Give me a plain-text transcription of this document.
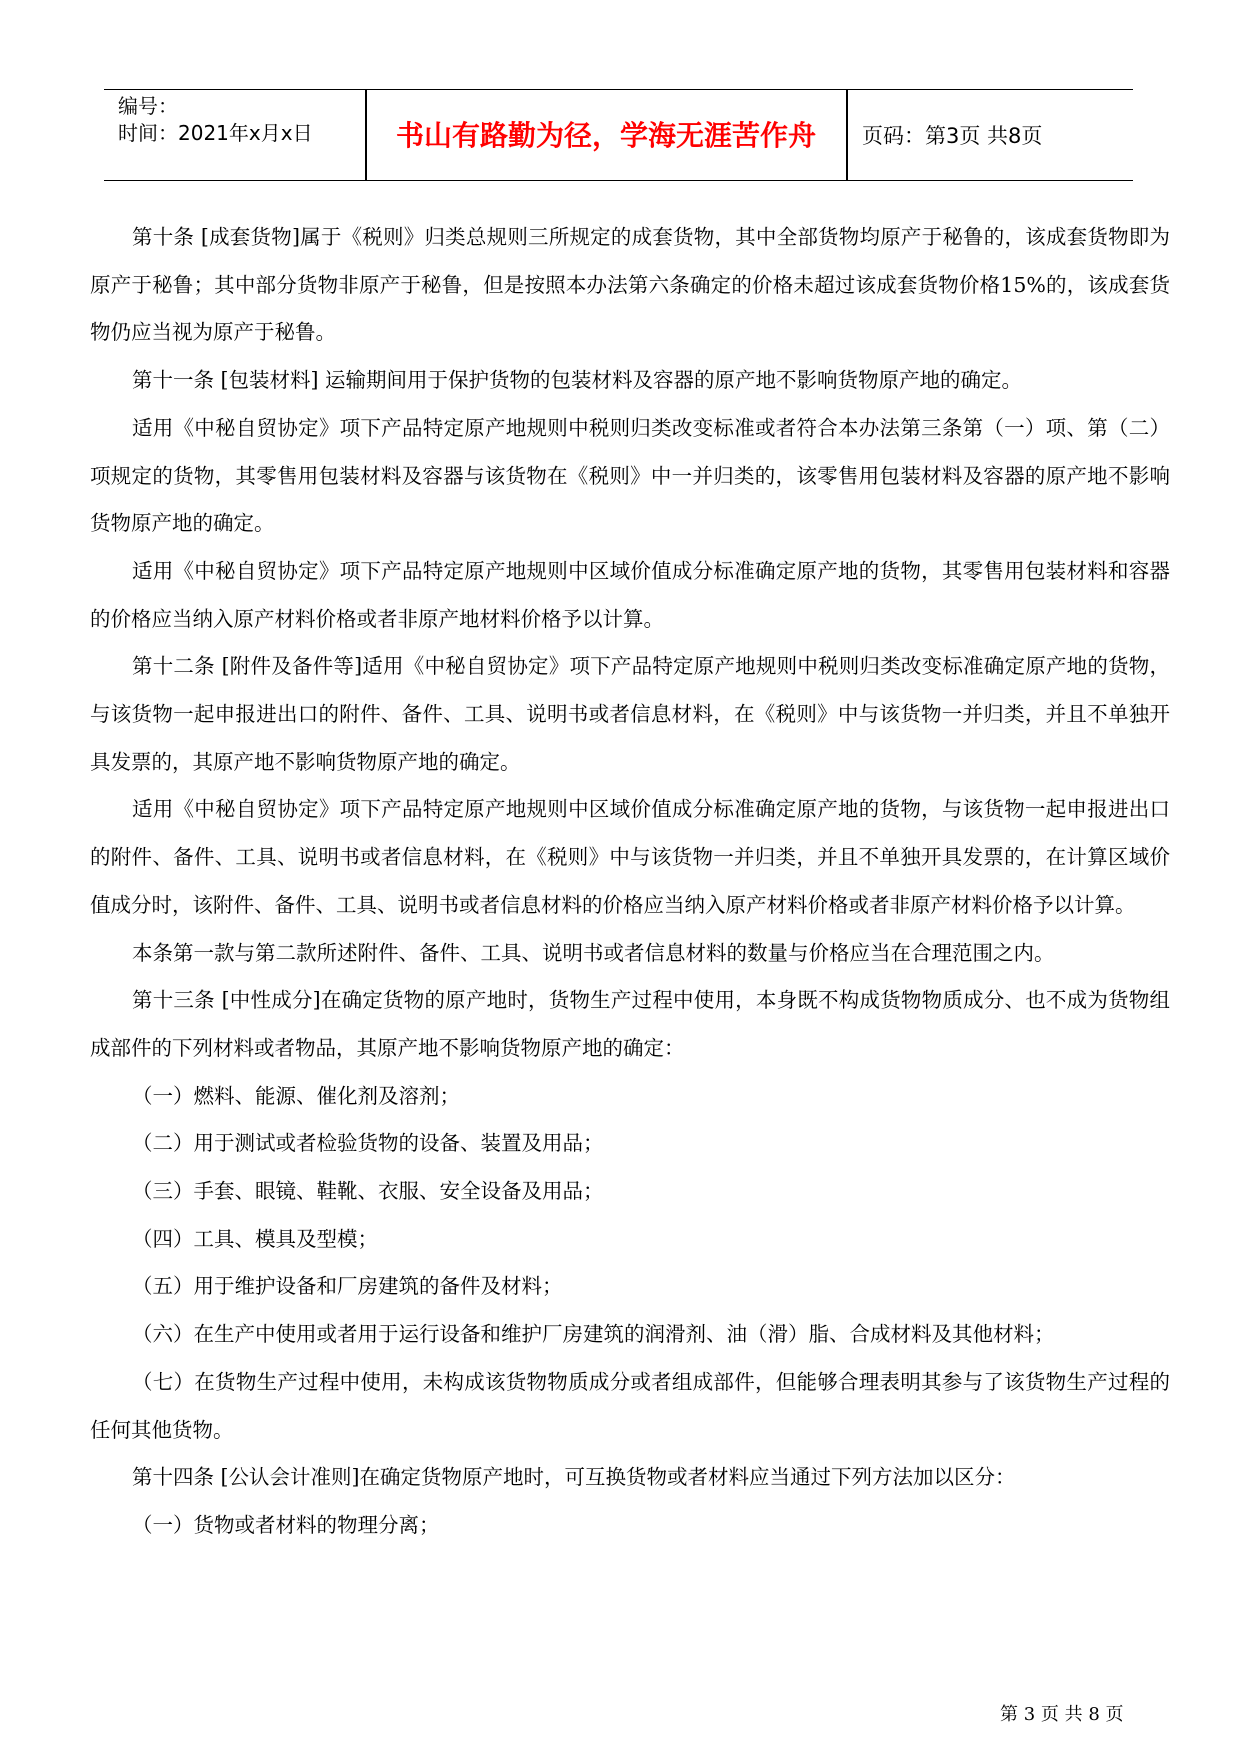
编号：
时间：2021年x月x日	书山有路勤为径，学海无涯苦作舟	页码：第3页 共8页

第十条 [成套货物]属于《税则》归类总规则三所规定的成套货物，其中全部货物均原产于秘鲁的，该成套货物即为原产于秘鲁；其中部分货物非原产于秘鲁，但是按照本办法第六条确定的价格未超过该成套货物价格15%的，该成套货物仍应当视为原产于秘鲁。

第十一条 [包装材料] 运输期间用于保护货物的包装材料及容器的原产地不影响货物原产地的确定。

适用《中秘自贸协定》项下产品特定原产地规则中税则归类改变标准或者符合本办法第三条第（一）项、第（二）项规定的货物，其零售用包装材料及容器与该货物在《税则》中一并归类的，该零售用包装材料及容器的原产地不影响货物原产地的确定。

适用《中秘自贸协定》项下产品特定原产地规则中区域价值成分标准确定原产地的货物，其零售用包装材料和容器的价格应当纳入原产材料价格或者非原产地材料价格予以计算。

第十二条 [附件及备件等]适用《中秘自贸协定》项下产品特定原产地规则中税则归类改变标准确定原产地的货物，与该货物一起申报进出口的附件、备件、工具、说明书或者信息材料，在《税则》中与该货物一并归类，并且不单独开具发票的，其原产地不影响货物原产地的确定。

适用《中秘自贸协定》项下产品特定原产地规则中区域价值成分标准确定原产地的货物，与该货物一起申报进出口的附件、备件、工具、说明书或者信息材料，在《税则》中与该货物一并归类，并且不单独开具发票的，在计算区域价值成分时，该附件、备件、工具、说明书或者信息材料的价格应当纳入原产材料价格或者非原产材料价格予以计算。

本条第一款与第二款所述附件、备件、工具、说明书或者信息材料的数量与价格应当在合理范围之内。

第十三条 [中性成分]在确定货物的原产地时，货物生产过程中使用，本身既不构成货物物质成分、也不成为货物组成部件的下列材料或者物品，其原产地不影响货物原产地的确定：

（一）燃料、能源、催化剂及溶剂；

（二）用于测试或者检验货物的设备、装置及用品；

（三）手套、眼镜、鞋靴、衣服、安全设备及用品；

（四）工具、模具及型模；

（五）用于维护设备和厂房建筑的备件及材料；

（六）在生产中使用或者用于运行设备和维护厂房建筑的润滑剂、油（滑）脂、合成材料及其他材料；

（七）在货物生产过程中使用，未构成该货物物质成分或者组成部件，但能够合理表明其参与了该货物生产过程的任何其他货物。

第十四条 [公认会计准则]在确定货物原产地时，可互换货物或者材料应当通过下列方法加以区分：

（一）货物或者材料的物理分离；

第 3 页 共 8 页
